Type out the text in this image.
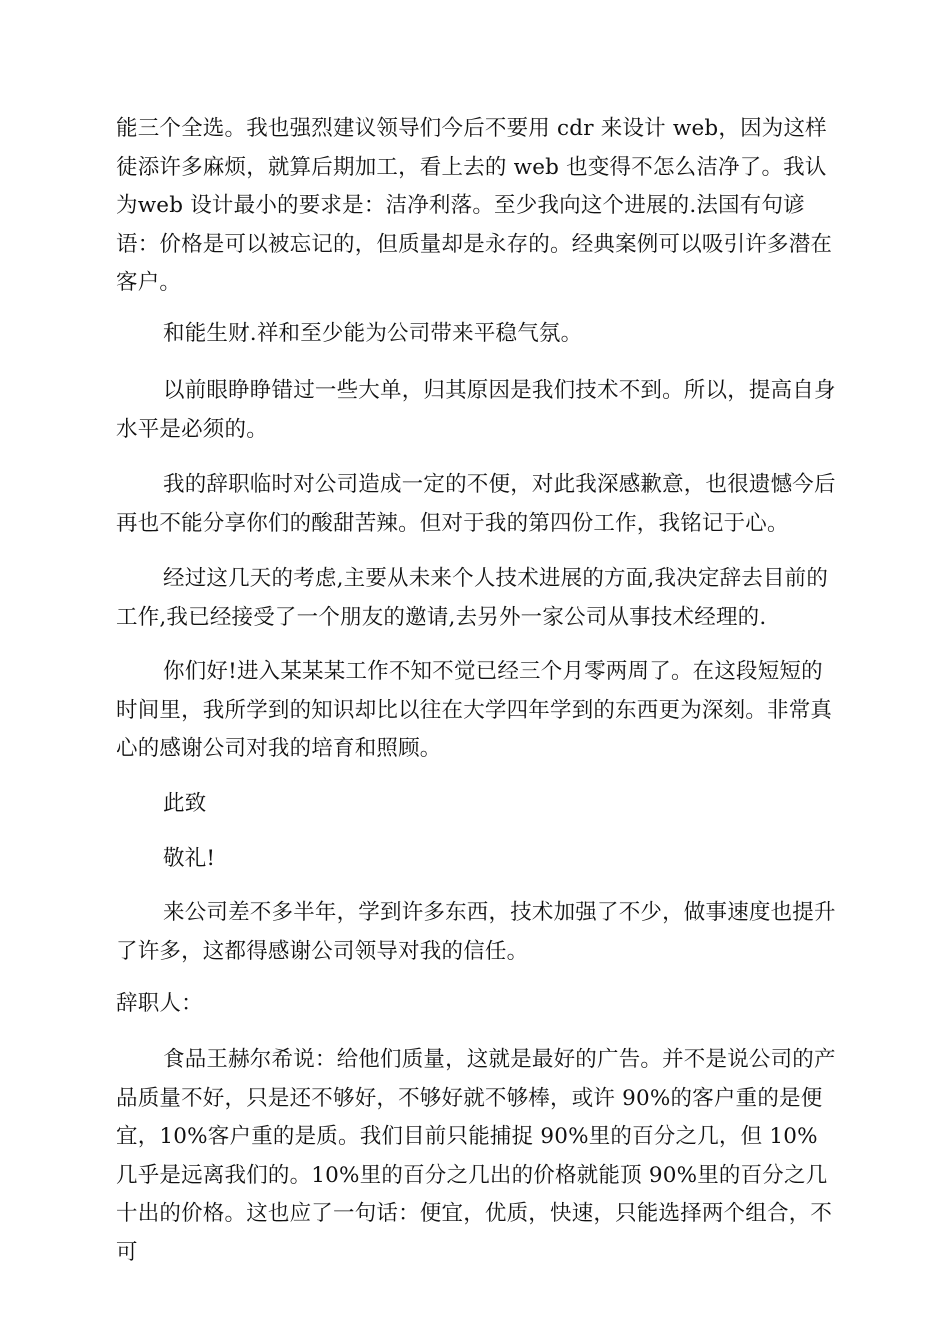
能三个全选。我也强烈建议领导们今后不要用 cdr 来设计 web，因为这样徒添许多麻烦，就算后期加工，看上去的 web 也变得不怎么洁净了。我认为web 设计最小的要求是：洁净利落。至少我向这个进展的.法国有句谚语：价格是可以被忘记的，但质量却是永存的。经典案例可以吸引许多潜在客户。

和能生财.祥和至少能为公司带来平稳气氛。

以前眼睁睁错过一些大单，归其原因是我们技术不到。所以，提高自身水平是必须的。

我的辞职临时对公司造成一定的不便，对此我深感歉意，也很遗憾今后再也不能分享你们的酸甜苦辣。但对于我的第四份工作，我铭记于心。

经过这几天的考虑,主要从未来个人技术进展的方面,我决定辞去目前的工作,我已经接受了一个朋友的邀请,去另外一家公司从事技术经理的.

你们好!进入某某某工作不知不觉已经三个月零两周了。在这段短短的时间里，我所学到的知识却比以往在大学四年学到的东西更为深刻。非常真心的感谢公司对我的培育和照顾。

此致

敬礼!

来公司差不多半年，学到许多东西，技术加强了不少，做事速度也提升了许多，这都得感谢公司领导对我的信任。

辞职人：

食品王赫尔希说：给他们质量，这就是最好的广告。并不是说公司的产品质量不好，只是还不够好，不够好就不够棒，或许 90%的客户重的是便宜，10%客户重的是质。我们目前只能捕捉 90%里的百分之几，但 10%几乎是远离我们的。10%里的百分之几出的价格就能顶 90%里的百分之几十出的价格。这也应了一句话：便宜，优质，快速，只能选择两个组合，不可
